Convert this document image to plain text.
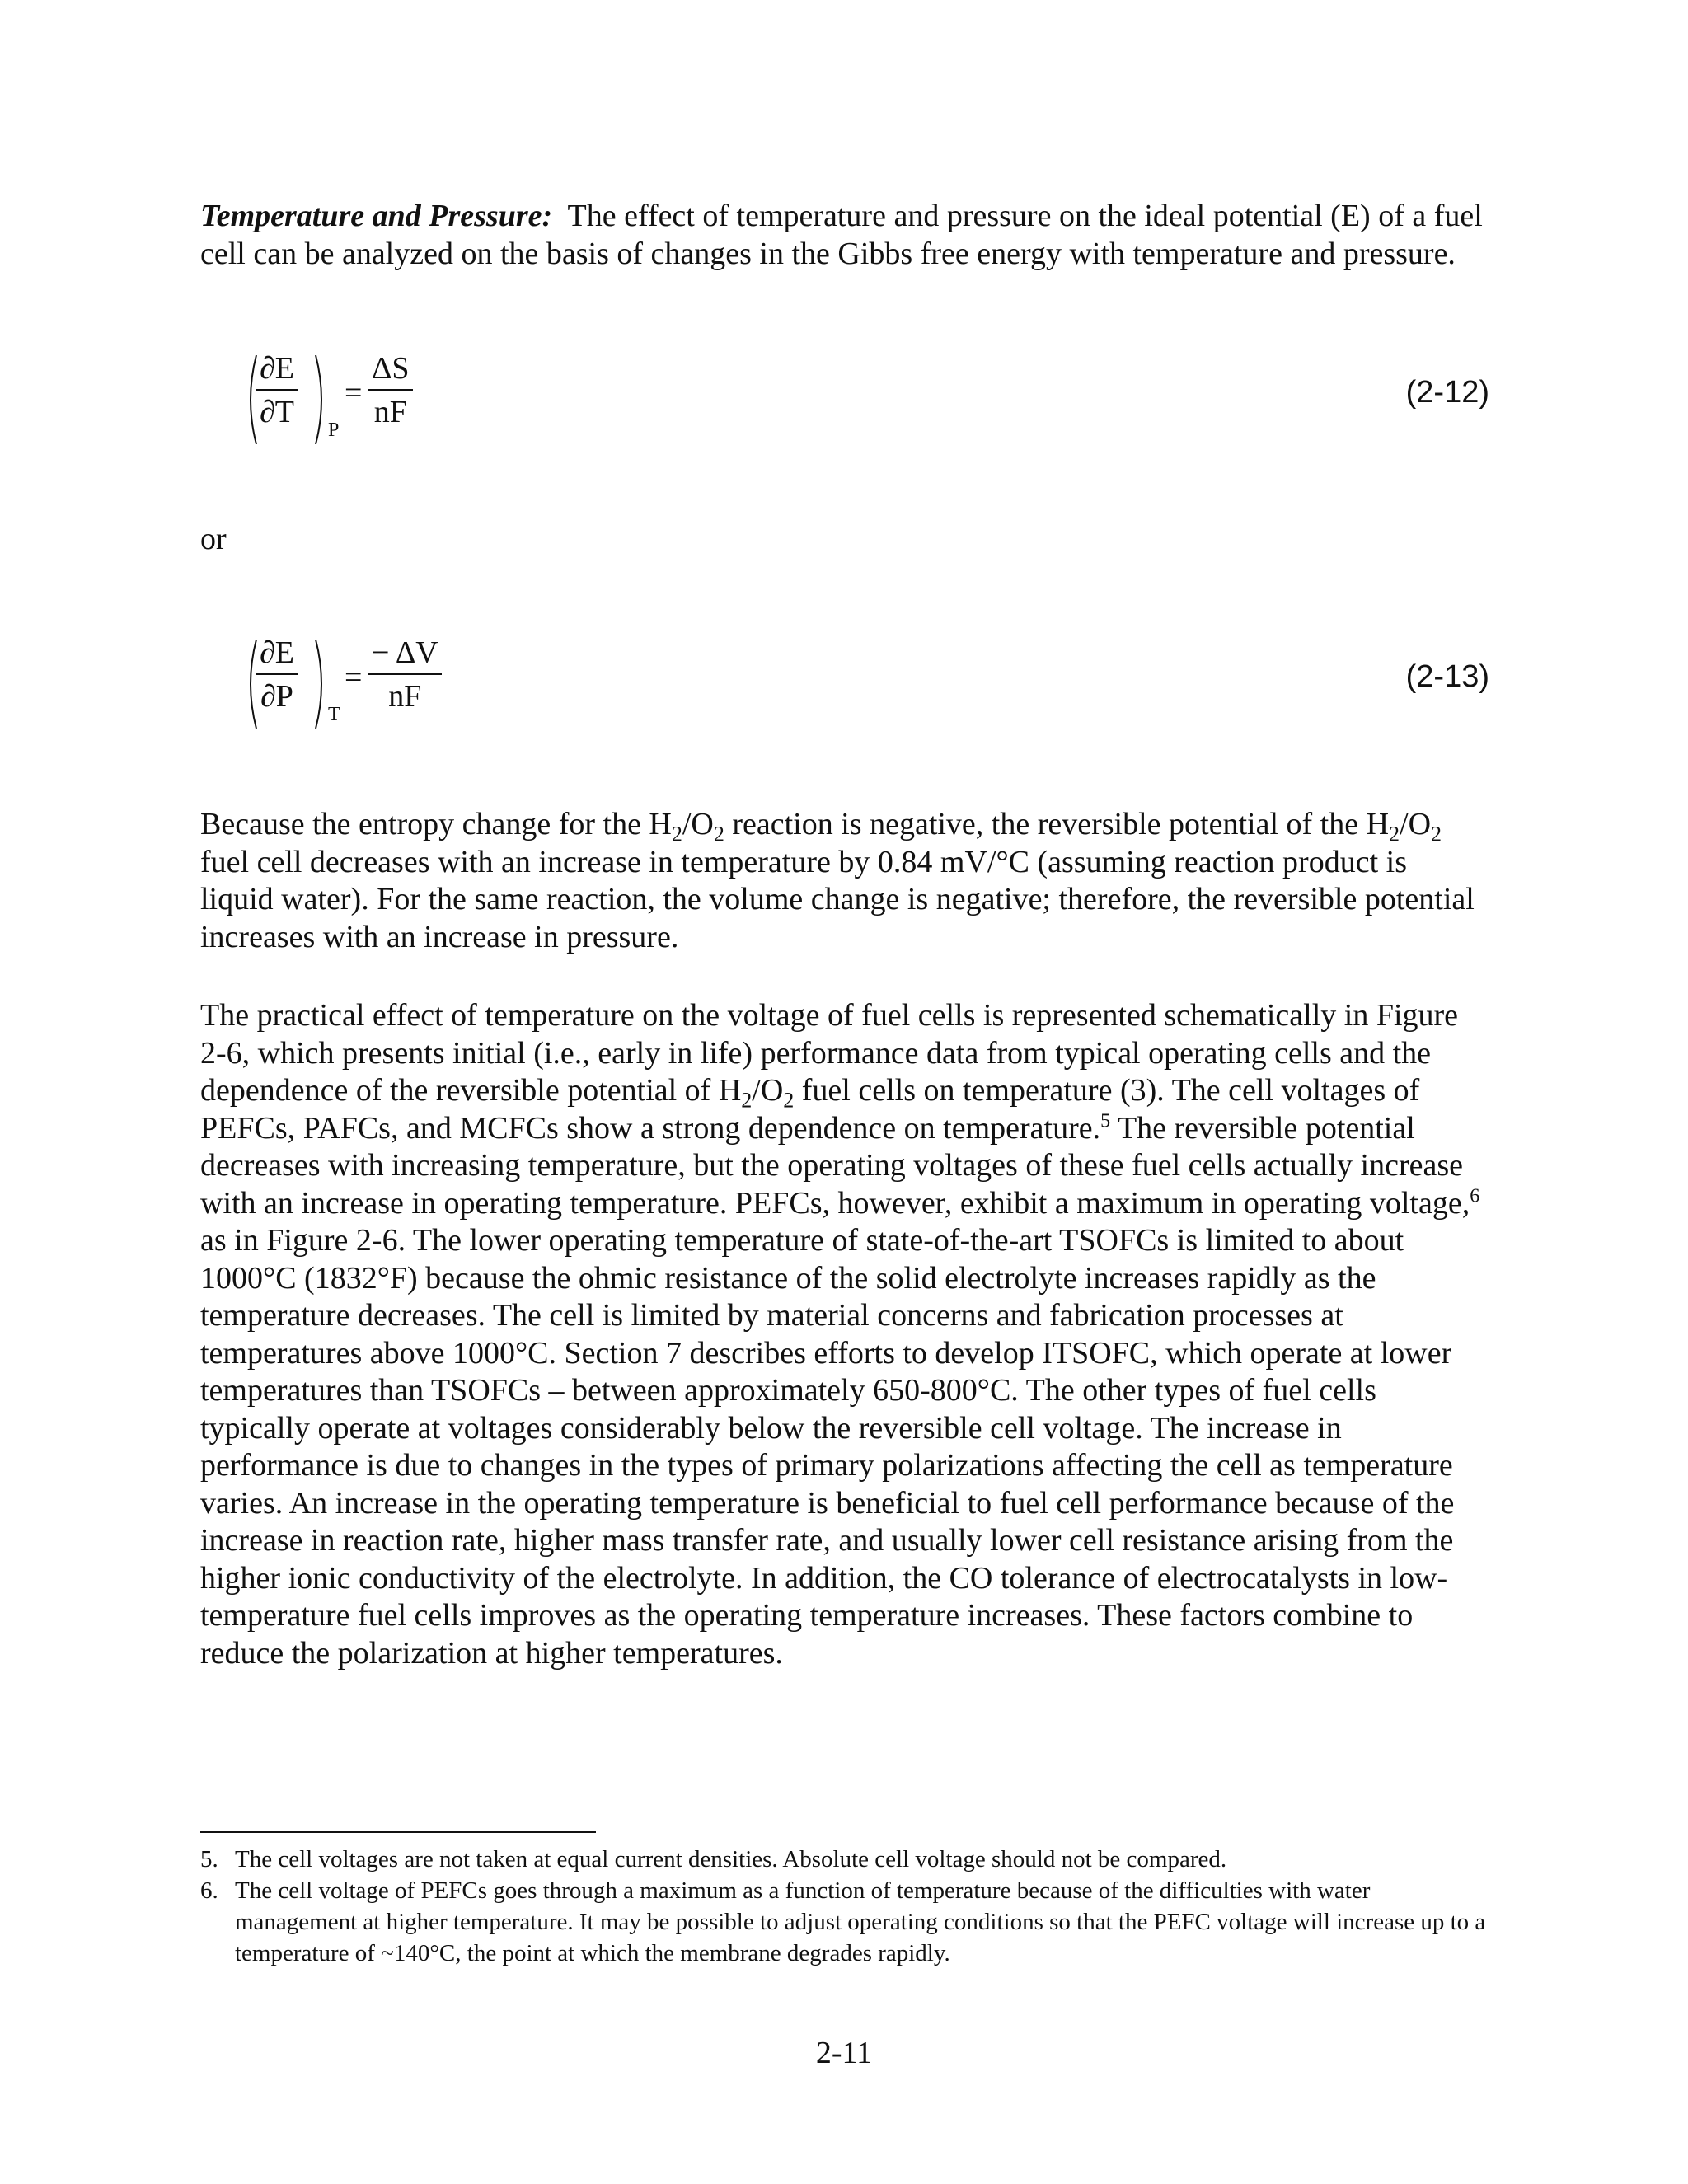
Temperature and Pressure: The effect of temperature and pressure on the ideal potential (E) of a fuel cell can be analyzed on the basis of changes in the Gibbs free energy with temperature and pressure.

∂E
∂T
P
=
ΔS
nF
(2-12)
or
∂E
∂P
T
=
− ΔV
nF
(2-13)

Because the entropy change for the $H_2/O_2$ reaction is negative, the reversible potential of the $H_2/O_2$ fuel cell decreases with an increase in temperature by 0.84 mV/°C (assuming reaction product is liquid water). For the same reaction, the volume change is negative; therefore, the reversible potential increases with an increase in pressure.

The practical effect of temperature on the voltage of fuel cells is represented schematically in Figure 2-6, which presents initial (i.e., early in life) performance data from typical operating cells and the dependence of the reversible potential of $H_2/O_2$ fuel cells on temperature (3). The cell voltages of PEFCs, PAFCs, and MCFCs show a strong dependence on temperature.$^5$ The reversible potential decreases with increasing temperature, but the operating voltages of these fuel cells actually increase with an increase in operating temperature. PEFCs, however, exhibit a maximum in operating voltage,$^6$ as in Figure 2-6. The lower operating temperature of state-of-the-art TSOFCs is limited to about 1000°C (1832°F) because the ohmic resistance of the solid electrolyte increases rapidly as the temperature decreases. The cell is limited by material concerns and fabrication processes at temperatures above 1000°C. Section 7 describes efforts to develop ITSOFC, which operate at lower temperatures than TSOFCs – between approximately 650-800°C. The other types of fuel cells typically operate at voltages considerably below the reversible cell voltage. The increase in performance is due to changes in the types of primary polarizations affecting the cell as temperature varies. An increase in the operating temperature is beneficial to fuel cell performance because of the increase in reaction rate, higher mass transfer rate, and usually lower cell resistance arising from the higher ionic conductivity of the electrolyte. In addition, the CO tolerance of electrocatalysts in low-temperature fuel cells improves as the operating temperature increases. These factors combine to reduce the polarization at higher temperatures.

5. The cell voltages are not taken at equal current densities. Absolute cell voltage should not be compared.
6. The cell voltage of PEFCs goes through a maximum as a function of temperature because of the difficulties with water management at higher temperature. It may be possible to adjust operating conditions so that the PEFC voltage will increase up to a temperature of ~140°C, the point at which the membrane degrades rapidly.
2-11
